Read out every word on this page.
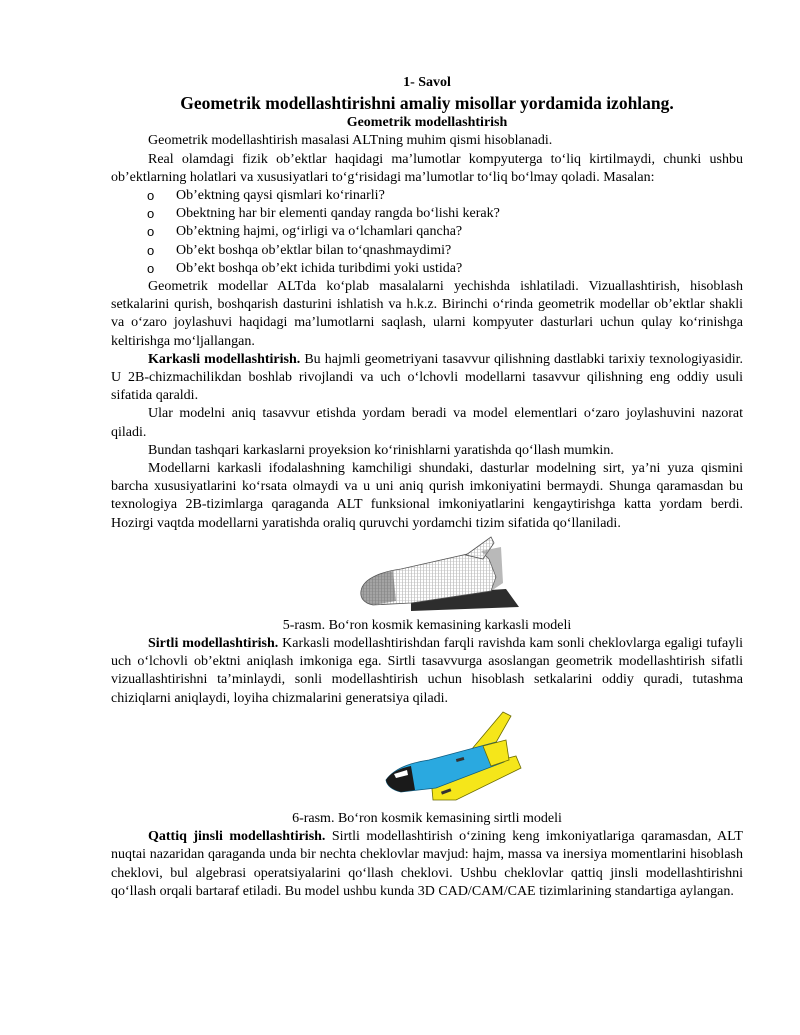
1- Savol
Geometrik modellashtirishni amaliy misollar yordamida izohlang.
Geometrik modellashtirish

Geometrik modellashtirish masalasi ALTning muhim qismi hisoblanadi.

Real olamdagi fizik ob’ektlar haqidagi ma’lumotlar kompyuterga to‘liq kirtilmaydi, chunki ushbu ob’ektlarning holatlari va xususiyatlari to‘g‘risidagi ma’lumotlar to‘liq bo‘lmay qoladi. Masalan:

o Ob’ektning qaysi qismlari ko‘rinarli?
o Obektning har bir elementi qanday rangda bo‘lishi kerak?
o Ob’ektning hajmi, og‘irligi va o‘lchamlari qancha?
o Ob’ekt boshqa ob’ektlar bilan to‘qnashmaydimi?
o Ob’ekt boshqa ob’ekt ichida turibdimi yoki ustida?

Geometrik modellar ALTda ko‘plab masalalarni yechishda ishlatiladi. Vizuallashtirish, hisoblash setkalarini qurish, boshqarish dasturini ishlatish va h.k.z. Birinchi o‘rinda geometrik modellar ob’ektlar shakli va o‘zaro joylashuvi haqidagi ma’lumotlarni saqlash, ularni kompyuter dasturlari uchun qulay ko‘rinishga keltirishga mo‘ljallangan.

Karkasli modellashtirish. Bu hajmli geometriyani tasavvur qilishning dastlabki tarixiy texnologiyasidir. U 2B-chizmachilikdan boshlab rivojlandi va uch o‘lchovli modellarni tasavvur qilishning eng oddiy usuli sifatida qaraldi.

Ular modelni aniq tasavvur etishda yordam beradi va model elementlari o‘zaro joylashuvini nazorat qiladi.

Bundan tashqari karkaslarni proyeksion ko‘rinishlarni yaratishda qo‘llash mumkin.

Modellarni karkasli ifodalashning kamchiligi shundaki, dasturlar modelning sirt, ya’ni yuza qismini barcha xususiyatlarini ko‘rsata olmaydi va u uni aniq qurish imkoniyatini bermaydi. Shunga qaramasdan bu texnologiya 2B-tizimlarga qaraganda ALT funksional imkoniyatlarini kengaytirishga katta yordam berdi. Hozirgi vaqtda modellarni yaratishda oraliq quruvchi yordamchi tizim sifatida qo‘llaniladi.

5-rasm. Bo‘ron kosmik kemasining karkasli modeli

Sirtli modellashtirish. Karkasli modellashtirishdan farqli ravishda kam sonli cheklovlarga egaligi tufayli uch o‘lchovli ob’ektni aniqlash imkoniga ega. Sirtli tasavvurga asoslangan geometrik modellashtirish sifatli vizuallashtirishni ta’minlaydi, sonli modellashtirish uchun hisoblash setkalarini oddiy quradi, tutashma chiziqlarni aniqlaydi, loyiha chizmalarini generatsiya qiladi.

6-rasm. Bo‘ron kosmik kemasining sirtli modeli

Qattiq jinsli modellashtirish. Sirtli modellashtirish o‘zining keng imkoniyatlariga qaramasdan, ALT nuqtai nazaridan qaraganda unda bir nechta cheklovlar mavjud: hajm, massa va inersiya momentlarini hisoblash cheklovi, bul algebrasi operatsiyalarini qo‘llash cheklovi. Ushbu cheklovlar qattiq jinsli modellashtirishni qo‘llash orqali bartaraf etiladi. Bu model ushbu kunda 3D CAD/CAM/CAE tizimlarining standartiga aylangan.
